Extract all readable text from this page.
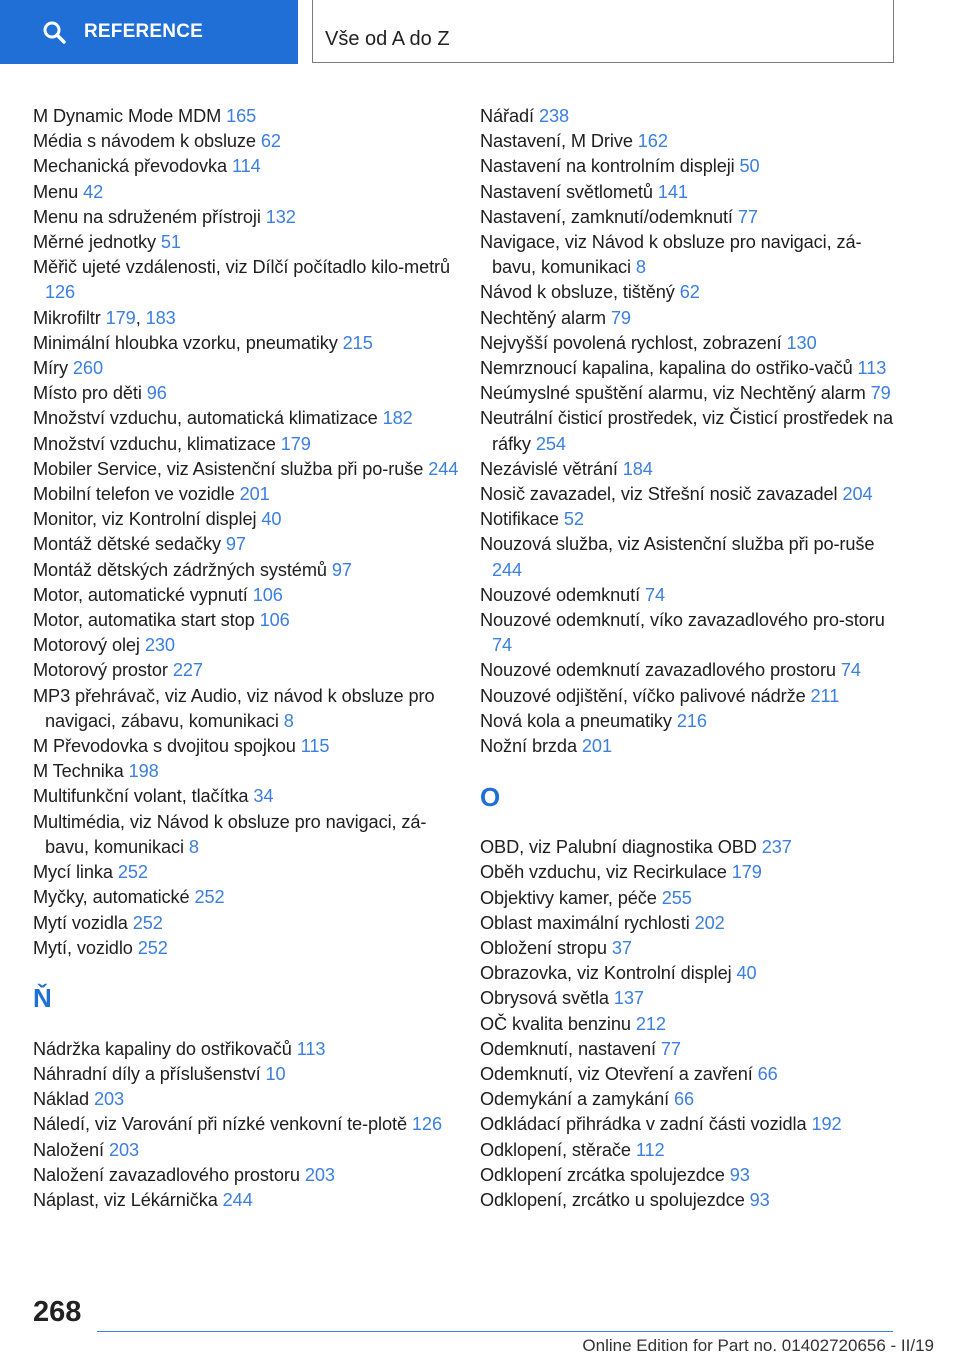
REFERENCE	Vše od A do Z
M Dynamic Mode MDM 165
Média s návodem k obsluze 62
Mechanická převodovka 114
Menu 42
Menu na sdruženém přístroji 132
Měrné jednotky 51
Měřič ujeté vzdálenosti, viz Dílčí počítadlo kilo‐metrů 126
Mikrofiltr 179, 183
Minimální hloubka vzorku, pneumatiky 215
Míry 260
Místo pro děti 96
Množství vzduchu, automatická klimatizace 182
Množství vzduchu, klimatizace 179
Mobiler Service, viz Asistenční služba při po‐ruše 244
Mobilní telefon ve vozidle 201
Monitor, viz Kontrolní displej 40
Montáž dětské sedačky 97
Montáž dětských zádržných systémů 97
Motor, automatické vypnutí 106
Motor, automatika start stop 106
Motorový olej 230
Motorový prostor 227
MP3 přehrávač, viz Audio, viz návod k obsluze pro navigaci, zábavu, komunikaci 8
M Převodovka s dvojitou spojkou 115
M Technika 198
Multifunkční volant, tlačítka 34
Multimédia, viz Návod k obsluze pro navigaci, zá‐bavu, komunikaci 8
Mycí linka 252
Myčky, automatické 252
Mytí vozidla 252
Mytí, vozidlo 252
Ň
Nádržka kapaliny do ostřikovačů 113
Náhradní díly a příslušenství 10
Náklad 203
Náledí, viz Varování při nízké venkovní te‐plotě 126
Naložení 203
Naložení zavazadlového prostoru 203
Náplast, viz Lékárnička 244
Nářadí 238
Nastavení, M Drive 162
Nastavení na kontrolním displeji 50
Nastavení světlometů 141
Nastavení, zamknutí/odemknutí 77
Navigace, viz Návod k obsluze pro navigaci, zá‐bavu, komunikaci 8
Návod k obsluze, tištěný 62
Nechtěný alarm 79
Nejvyšší povolená rychlost, zobrazení 130
Nemrznoucí kapalina, kapalina do ostřiko‐vačů 113
Neúmyslné spuštění alarmu, viz Nechtěný alarm 79
Neutrální čisticí prostředek, viz Čisticí prostředek na ráfky 254
Nezávislé větrání 184
Nosič zavazadel, viz Střešní nosič zavazadel 204
Notifikace 52
Nouzová služba, viz Asistenční služba při po‐ruše 244
Nouzové odemknutí 74
Nouzové odemknutí, víko zavazadlového pro‐storu 74
Nouzové odemknutí zavazadlového prostoru 74
Nouzové odjištění, víčko palivové nádrže 211
Nová kola a pneumatiky 216
Nožní brzda 201
O
OBD, viz Palubní diagnostika OBD 237
Oběh vzduchu, viz Recirkulace 179
Objektivy kamer, péče 255
Oblast maximální rychlosti 202
Obložení stropu 37
Obrazovka, viz Kontrolní displej 40
Obrysová světla 137
OČ kvalita benzinu 212
Odemknutí, nastavení 77
Odemknutí, viz Otevření a zavření 66
Odemykání a zamykání 66
Odkládací přihrádka v zadní části vozidla 192
Odklopení, stěrače 112
Odklopení zrcátka spolujezdce 93
Odklopení, zrcátko u spolujezdce 93
268
Online Edition for Part no. 01402720656 - II/19
